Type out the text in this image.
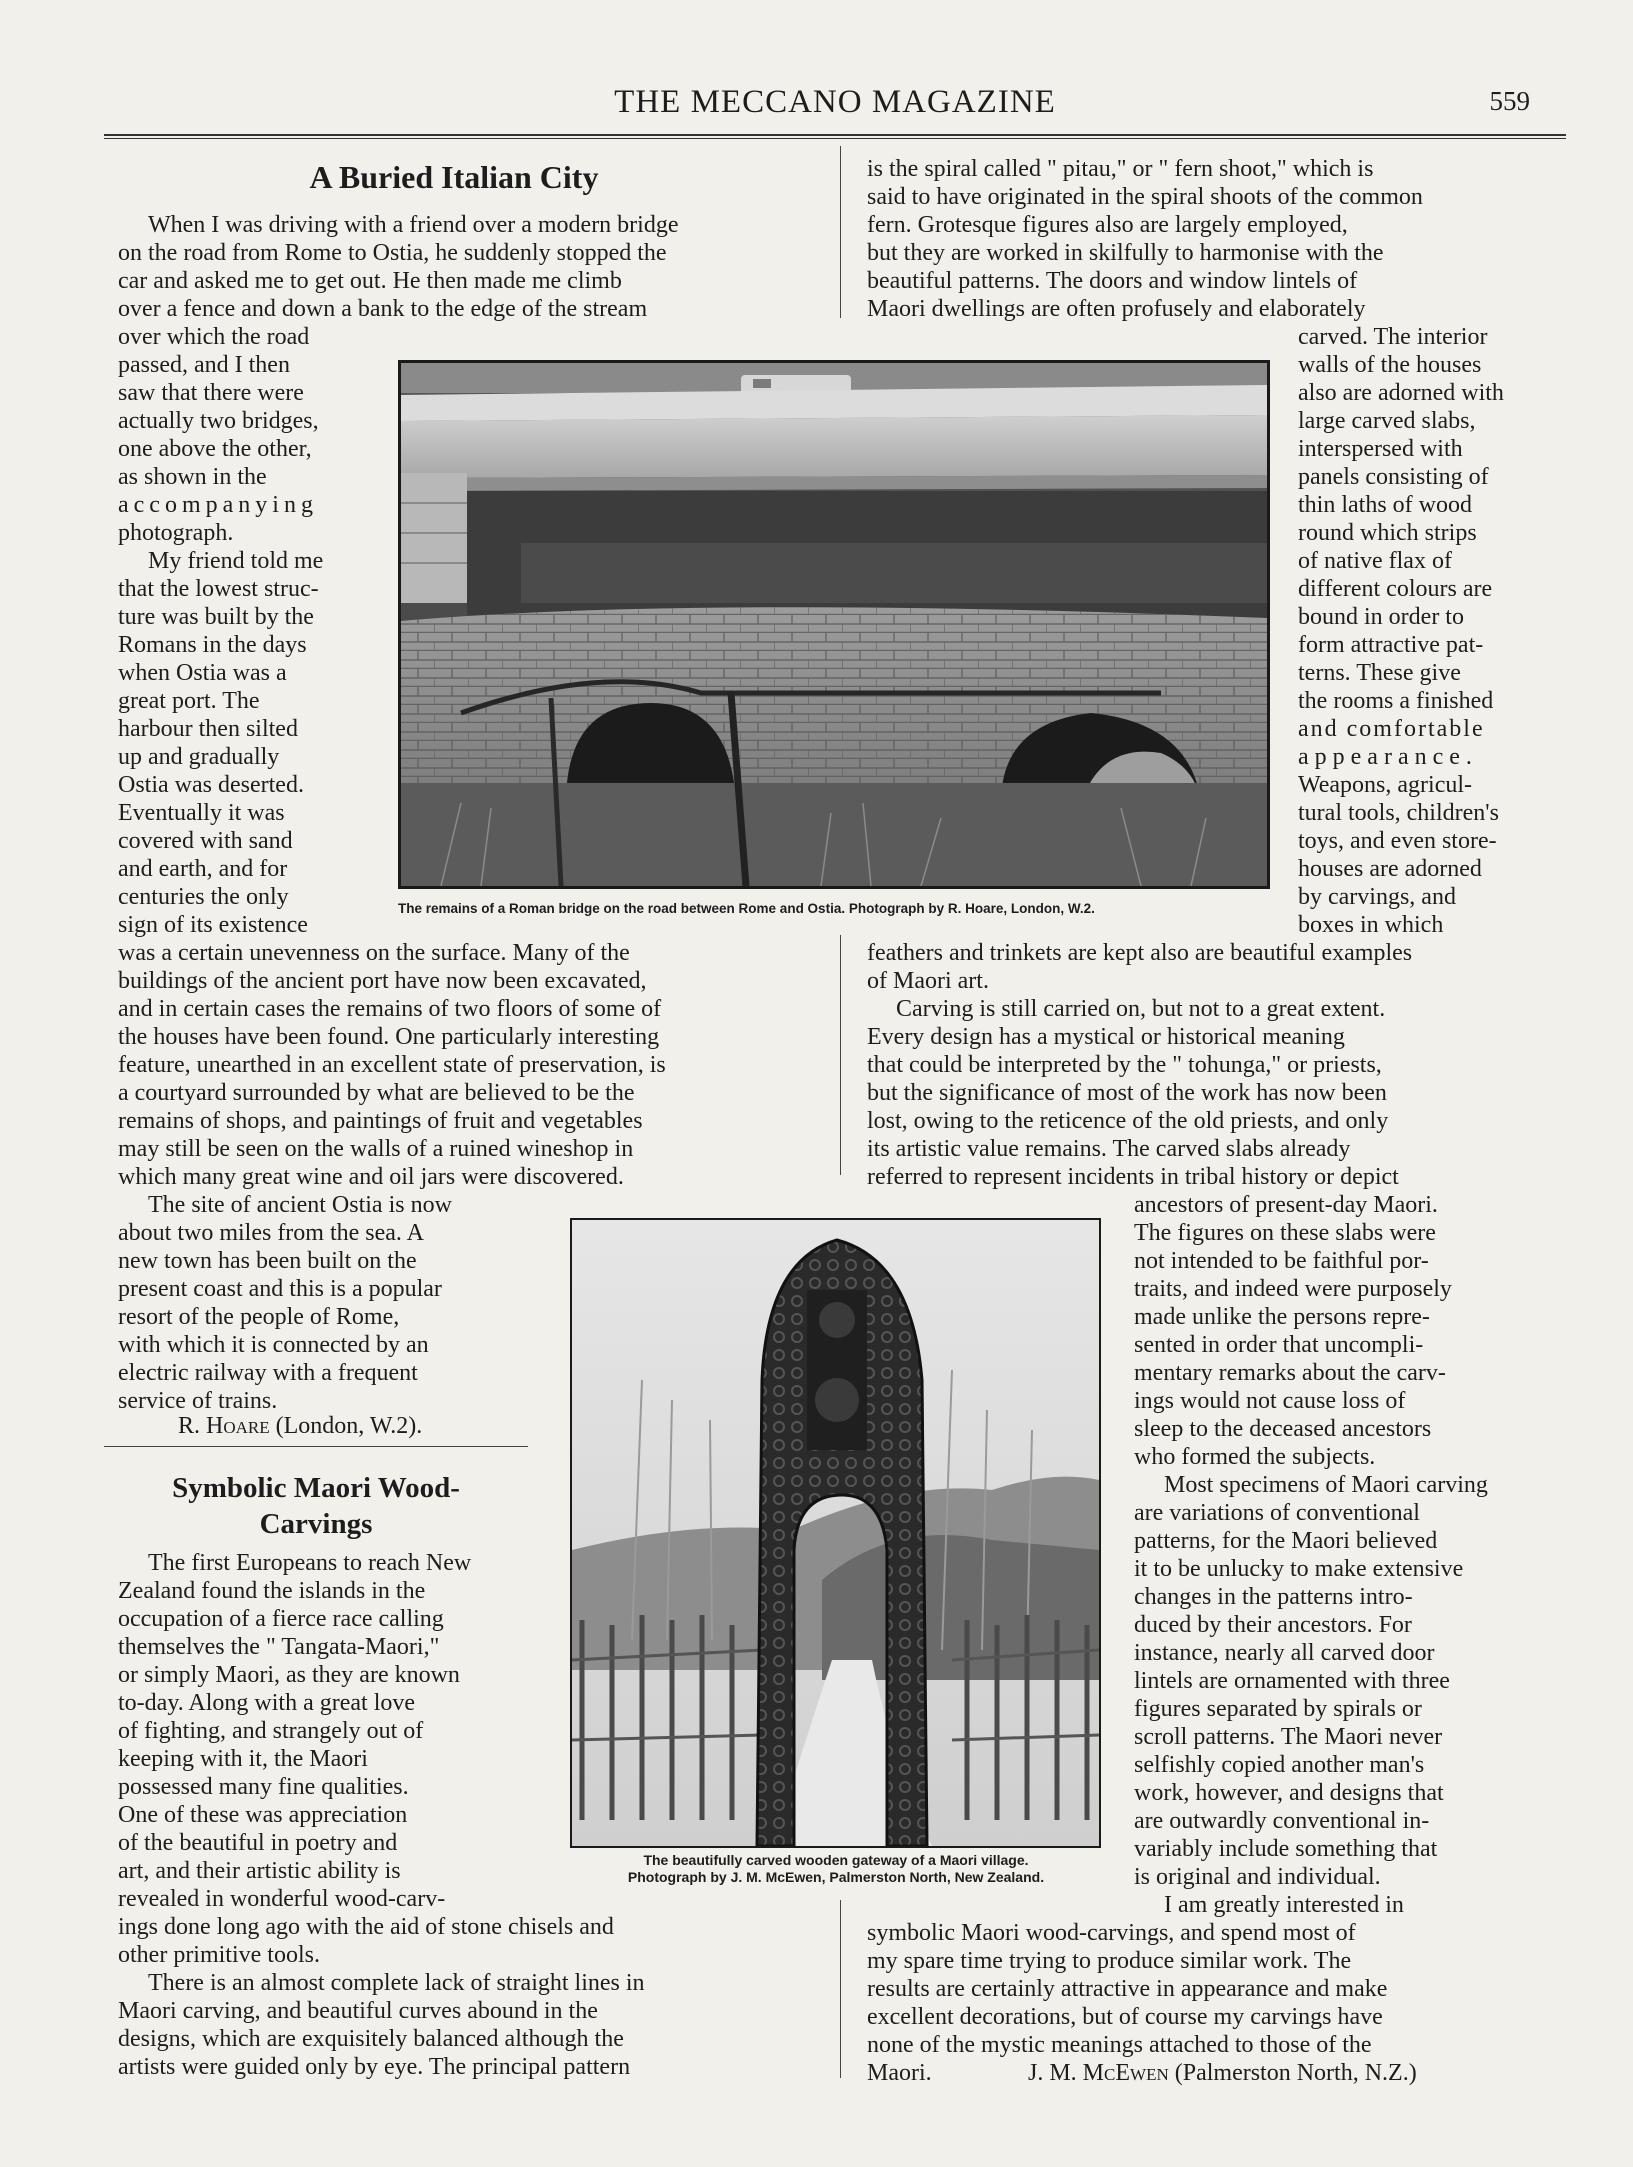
THE MECCANO MAGAZINE	559
A Buried Italian City

When I was driving with a friend over a modern bridge

on the road from Rome to Ostia, he suddenly stopped the

car and asked me to get out. He then made me climb

over a fence and down a bank to the edge of the stream

over which the road

passed, and I then

saw that there were

actually two bridges,

one above the other,

as shown in the

accompanying

photograph.

My friend told me

that the lowest struc-

ture was built by the

Romans in the days

when Ostia was a

great port. The

harbour then silted

up and gradually

Ostia was deserted.

Eventually it was

covered with sand

and earth, and for

centuries the only

sign of its existence

was a certain unevenness on the surface. Many of the

buildings of the ancient port have now been excavated,

and in certain cases the remains of two floors of some of

the houses have been found. One particularly interesting

feature, unearthed in an excellent state of preservation, is

a courtyard surrounded by what are believed to be the

remains of shops, and paintings of fruit and vegetables

may still be seen on the walls of a ruined wineshop in

which many great wine and oil jars were discovered.

The site of ancient Ostia is now

about two miles from the sea. A

new town has been built on the

present coast and this is a popular

resort of the people of Rome,

with which it is connected by an

electric railway with a frequent

service of trains.

R. Hoare (London, W.2).
The remains of a Roman bridge on the road between Rome and Ostia. Photograph by R. Hoare, London, W.2.
Symbolic Maori Wood-
Carvings

The first Europeans to reach New

Zealand found the islands in the

occupation of a fierce race calling

themselves the " Tangata-Maori,"

or simply Maori, as they are known

to-day. Along with a great love

of fighting, and strangely out of

keeping with it, the Maori

possessed many fine qualities.

One of these was appreciation

of the beautiful in poetry and

art, and their artistic ability is

revealed in wonderful wood-carv-

ings done long ago with the aid of stone chisels and

other primitive tools.

There is an almost complete lack of straight lines in

Maori carving, and beautiful curves abound in the

designs, which are exquisitely balanced although the

artists were guided only by eye. The principal pattern

is the spiral called " pitau," or " fern shoot," which is

said to have originated in the spiral shoots of the common

fern. Grotesque figures also are largely employed,

but they are worked in skilfully to harmonise with the

beautiful patterns. The doors and window lintels of

Maori dwellings are often profusely and elaborately

carved. The interior

walls of the houses

also are adorned with

large carved slabs,

interspersed with

panels consisting of

thin laths of wood

round which strips

of native flax of

different colours are

bound in order to

form attractive pat-

terns. These give

the rooms a finished

and comfortable

appearance.

Weapons, agricul-

tural tools, children's

toys, and even store-

houses are adorned

by carvings, and

boxes in which

feathers and trinkets are kept also are beautiful examples

of Maori art.

Carving is still carried on, but not to a great extent.

Every design has a mystical or historical meaning

that could be interpreted by the " tohunga," or priests,

but the significance of most of the work has now been

lost, owing to the reticence of the old priests, and only

its artistic value remains. The carved slabs already

referred to represent incidents in tribal history or depict

ancestors of present-day Maori.

The figures on these slabs were

not intended to be faithful por-

traits, and indeed were purposely

made unlike the persons repre-

sented in order that uncompli-

mentary remarks about the carv-

ings would not cause loss of

sleep to the deceased ancestors

who formed the subjects.

Most specimens of Maori carving

are variations of conventional

patterns, for the Maori believed

it to be unlucky to make extensive

changes in the patterns intro-

duced by their ancestors. For

instance, nearly all carved door

lintels are ornamented with three

figures separated by spirals or

scroll patterns. The Maori never

selfishly copied another man's

work, however, and designs that

are outwardly conventional in-

variably include something that

is original and individual.

I am greatly interested in

symbolic Maori wood-carvings, and spend most of

my spare time trying to produce similar work. The

results are certainly attractive in appearance and make

excellent decorations, but of course my carvings have

none of the mystic meanings attached to those of the

Maori.	J. M. McEwen (Palmerston North, N.Z.)
The beautifully carved wooden gateway of a Maori village.
Photograph by J. M. McEwen, Palmerston North, New Zealand.
